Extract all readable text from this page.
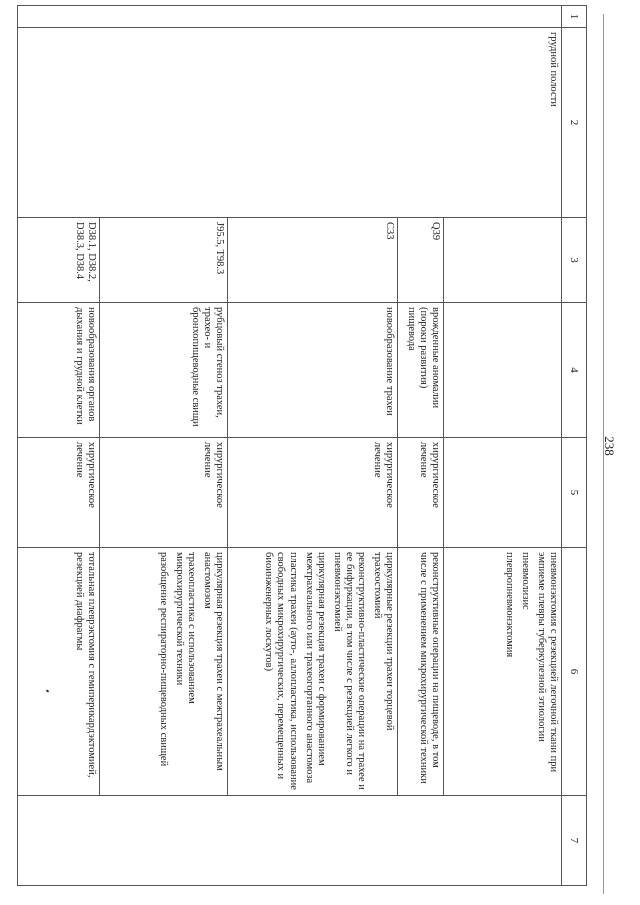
238
1	2	3	4	5	6	7
	грудной полости				пневмонэктомия с резекцией легочной ткани при эмпиеме плевры туберкулезной этиологии
пневмолизис
плевропневмонэктомия	

		Q39	врожденные аномалии (пороки развития) пищевода	хирургическое лечение	реконструктивные операции на пищеводе, в том числе с применением микрохирургической техники	

		C33	новообразование трахеи	хирургическое лечение	циркулярные резекции трахеи торцевой трахеостомией
реконструктивно-пластические операции на трахее и ее бифуркации, в том числе с резекцией легкого и пневмонэктомией
циркулярная резекция трахеи с формированием межтрахеального или трахеогортанного анастомоза
пластика трахеи (ауто-, аллопластика, использование свободных микрохирургических, перемещенных и биоинженерных лоскутов)	

		J95.5, T98.3	рубцовый стеноз трахеи, трахео- и бронхопищеводные свищи	хирургическое лечение	циркулярная резекция трахеи с межтрахеальным анастомозом
трахеопластика с использованием микрохирургической техники
разобщение респираторно-пищеводных свищей	

		D38.1, D38.2, D38.3, D38.4	новообразования органов дыхания и грудной клетки	хирургическое лечение	тотальная плеврэктомия с гемиперикардэктомией, резекцией диафрагмы	
